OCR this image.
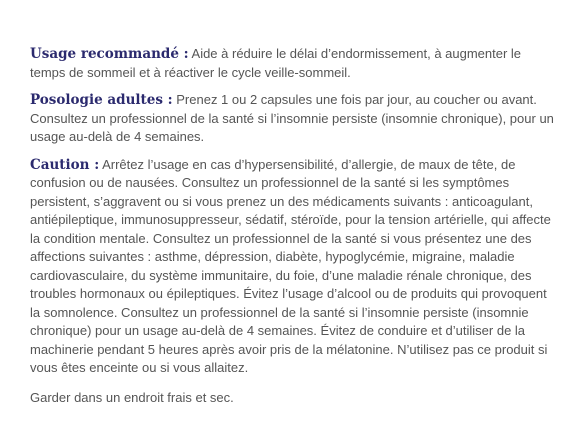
Usage recommandé : Aide à réduire le délai d’endormissement, à augmenter le temps de sommeil et à réactiver le cycle veille-sommeil.

Posologie adultes : Prenez 1 ou 2 capsules une fois par jour, au coucher ou avant. Consultez un professionnel de la santé si l’insomnie persiste (insomnie chronique), pour un usage au-delà de 4 semaines.

Caution : Arrêtez l’usage en cas d’hypersensibilité, d’allergie, de maux de tête, de confusion ou de nausées. Consultez un professionnel de la santé si les symptômes persistent, s’aggravent ou si vous prenez un des médicaments suivants : anticoagulant, antiépileptique, immunosuppresseur, sédatif, stéroïde, pour la tension artérielle, qui affecte la condition mentale. Consultez un professionnel de la santé si vous présentez une des affections suivantes : asthme, dépression, diabète, hypoglycémie, migraine, maladie cardiovasculaire, du système immunitaire, du foie, d’une maladie rénale chronique, des troubles hormonaux ou épileptiques. Évitez l’usage d’alcool ou de produits qui provoquent la somnolence. Consultez un professionnel de la santé si l’insomnie persiste (insomnie chronique) pour un usage au-delà de 4 semaines. Évitez de conduire et d’utiliser de la machinerie pendant 5 heures après avoir pris de la mélatonine. N’utilisez pas ce produit si vous êtes enceinte ou si vous allaitez.

Garder dans un endroit frais et sec.
